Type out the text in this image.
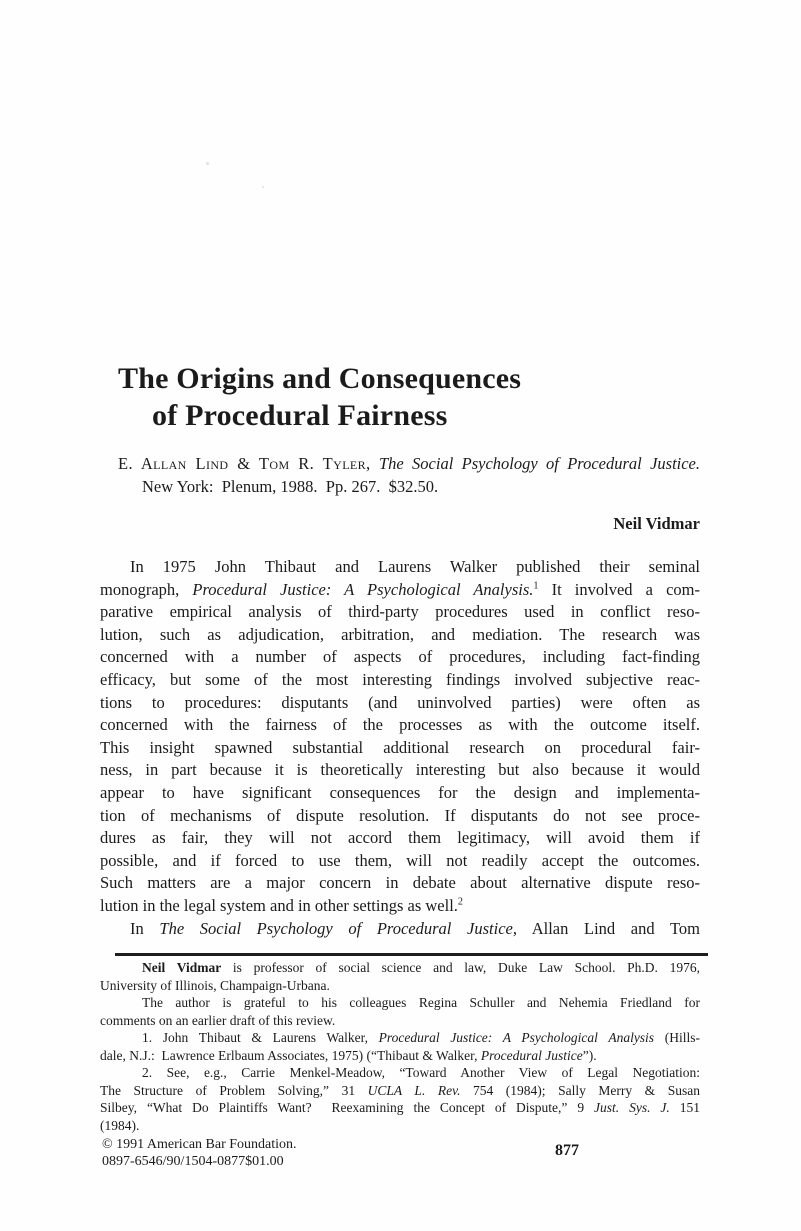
The Origins and Consequences
of Procedural Fairness
E. Allan Lind & Tom R. Tyler, The Social Psychology of Procedural Justice.
New York:  Plenum, 1988.  Pp. 267.  $32.50.
Neil Vidmar
In 1975 John Thibaut and Laurens Walker published their seminal
monograph, Procedural Justice: A Psychological Analysis.$^1$ It involved a com-
parative empirical analysis of third-party procedures used in conflict reso-
lution, such as adjudication, arbitration, and mediation. The research was
concerned with a number of aspects of procedures, including fact-finding
efficacy, but some of the most interesting findings involved subjective reac-
tions to procedures: disputants (and uninvolved parties) were often as
concerned with the fairness of the processes as with the outcome itself.
This insight spawned substantial additional research on procedural fair-
ness, in part because it is theoretically interesting but also because it would
appear to have significant consequences for the design and implementa-
tion of mechanisms of dispute resolution. If disputants do not see proce-
dures as fair, they will not accord them legitimacy, will avoid them if
possible, and if forced to use them, will not readily accept the outcomes.
Such matters are a major concern in debate about alternative dispute reso-
lution in the legal system and in other settings as well.$^2$
In The Social Psychology of Procedural Justice, Allan Lind and Tom
Neil Vidmar is professor of social science and law, Duke Law School. Ph.D. 1976,
University of Illinois, Champaign-Urbana.
The author is grateful to his colleagues Regina Schuller and Nehemia Friedland for
comments on an earlier draft of this review.
1. John Thibaut & Laurens Walker, Procedural Justice: A Psychological Analysis (Hills-
dale, N.J.:  Lawrence Erlbaum Associates, 1975) (“Thibaut & Walker, Procedural Justice”).
2. See, e.g., Carrie Menkel-Meadow, “Toward Another View of Legal Negotiation:
The Structure of Problem Solving,” 31 UCLA L. Rev. 754 (1984); Sally Merry & Susan
Silbey, “What Do Plaintiffs Want?  Reexamining the Concept of Dispute,” 9 Just. Sys. J. 151
(1984).
© 1991 American Bar Foundation.
0897-6546/90/1504-0877$01.00
877
